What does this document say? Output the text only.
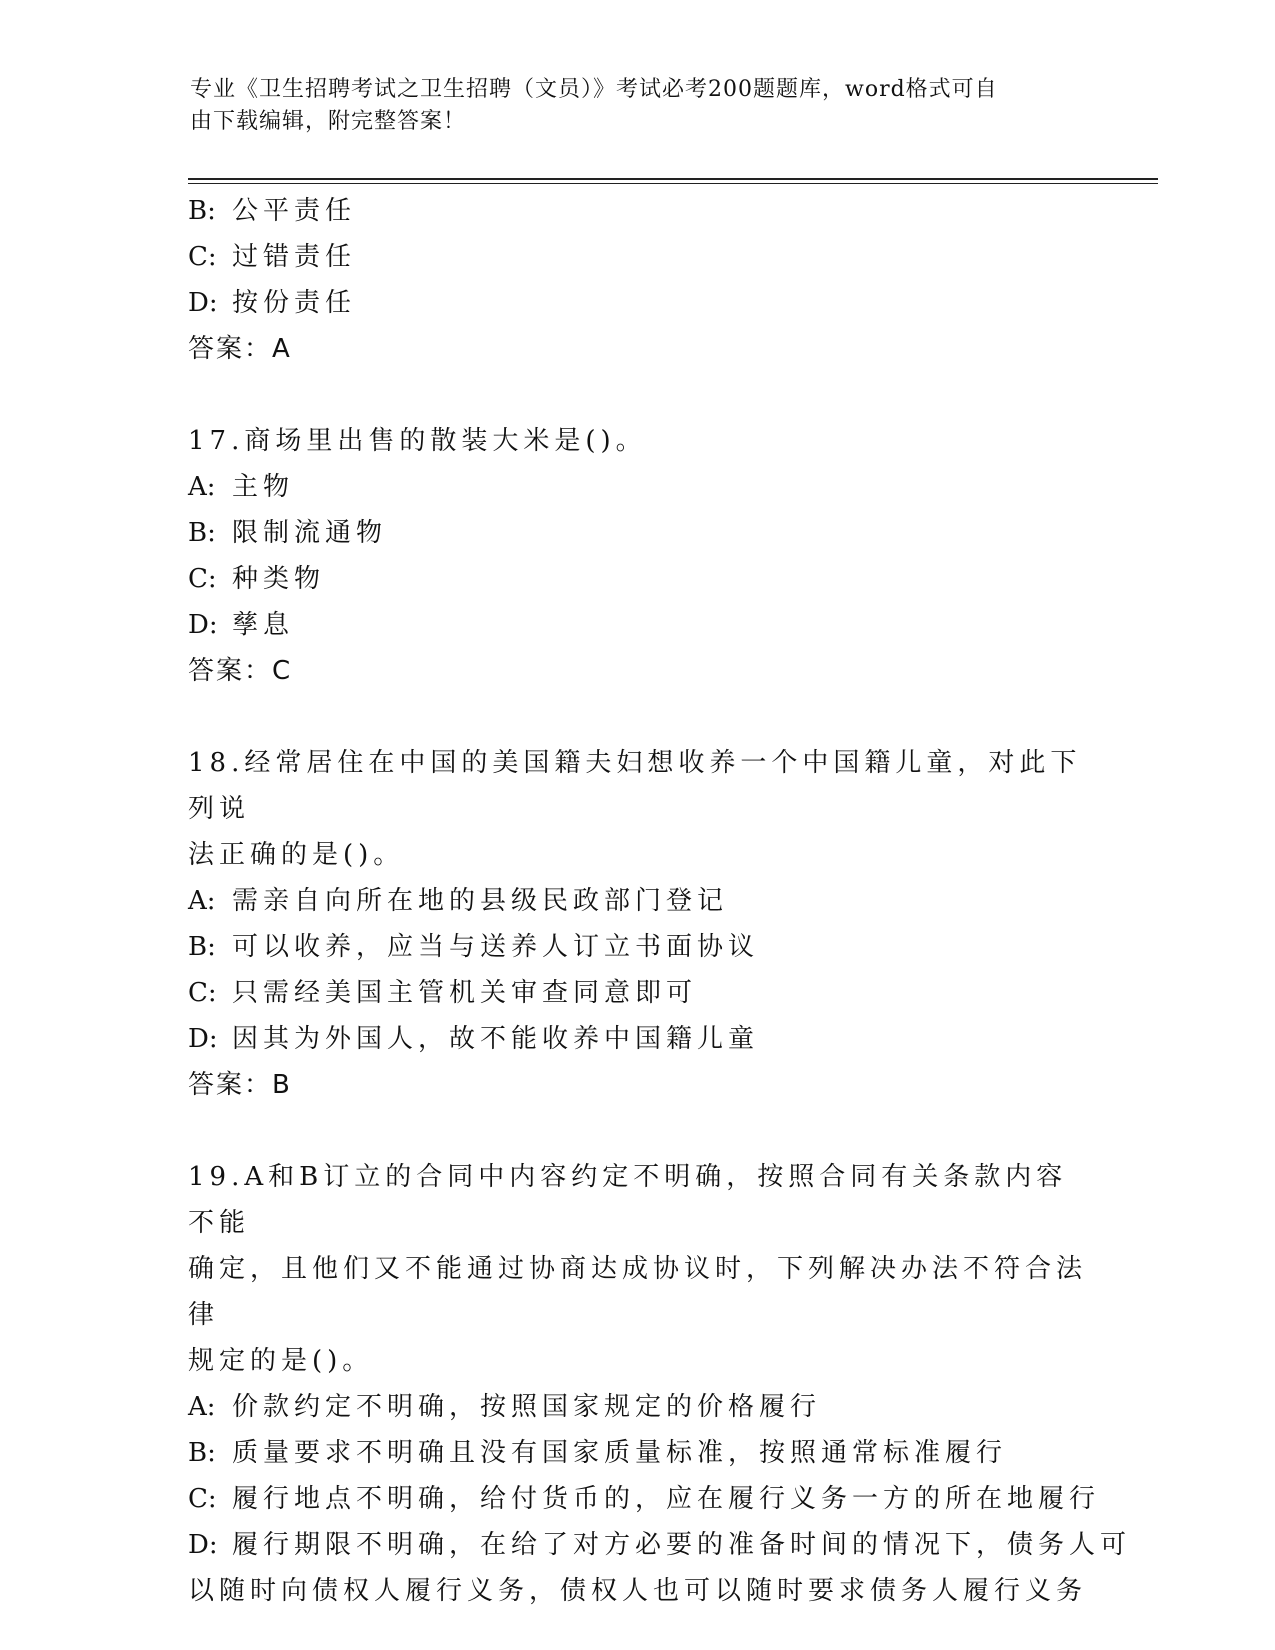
专业《卫生招聘考试之卫生招聘（文员）》考试必考200题题库，word格式可自
由下载编辑，附完整答案！
B: 公平责任
C: 过错责任
D: 按份责任
答案：A
17.商场里出售的散装大米是()。
A: 主物
B: 限制流通物
C: 种类物
D: 孳息
答案：C
18.经常居住在中国的美国籍夫妇想收养一个中国籍儿童，对此下列说
法正确的是()。
A: 需亲自向所在地的县级民政部门登记
B: 可以收养，应当与送养人订立书面协议
C: 只需经美国主管机关审查同意即可
D: 因其为外国人，故不能收养中国籍儿童
答案：B
19.A和B订立的合同中内容约定不明确，按照合同有关条款内容不能
确定，且他们又不能通过协商达成协议时，下列解决办法不符合法律
规定的是()。
A: 价款约定不明确，按照国家规定的价格履行
B: 质量要求不明确且没有国家质量标准，按照通常标准履行
C: 履行地点不明确，给付货币的，应在履行义务一方的所在地履行
D: 履行期限不明确，在给了对方必要的准备时间的情况下，债务人可
以随时向债权人履行义务，债权人也可以随时要求债务人履行义务
